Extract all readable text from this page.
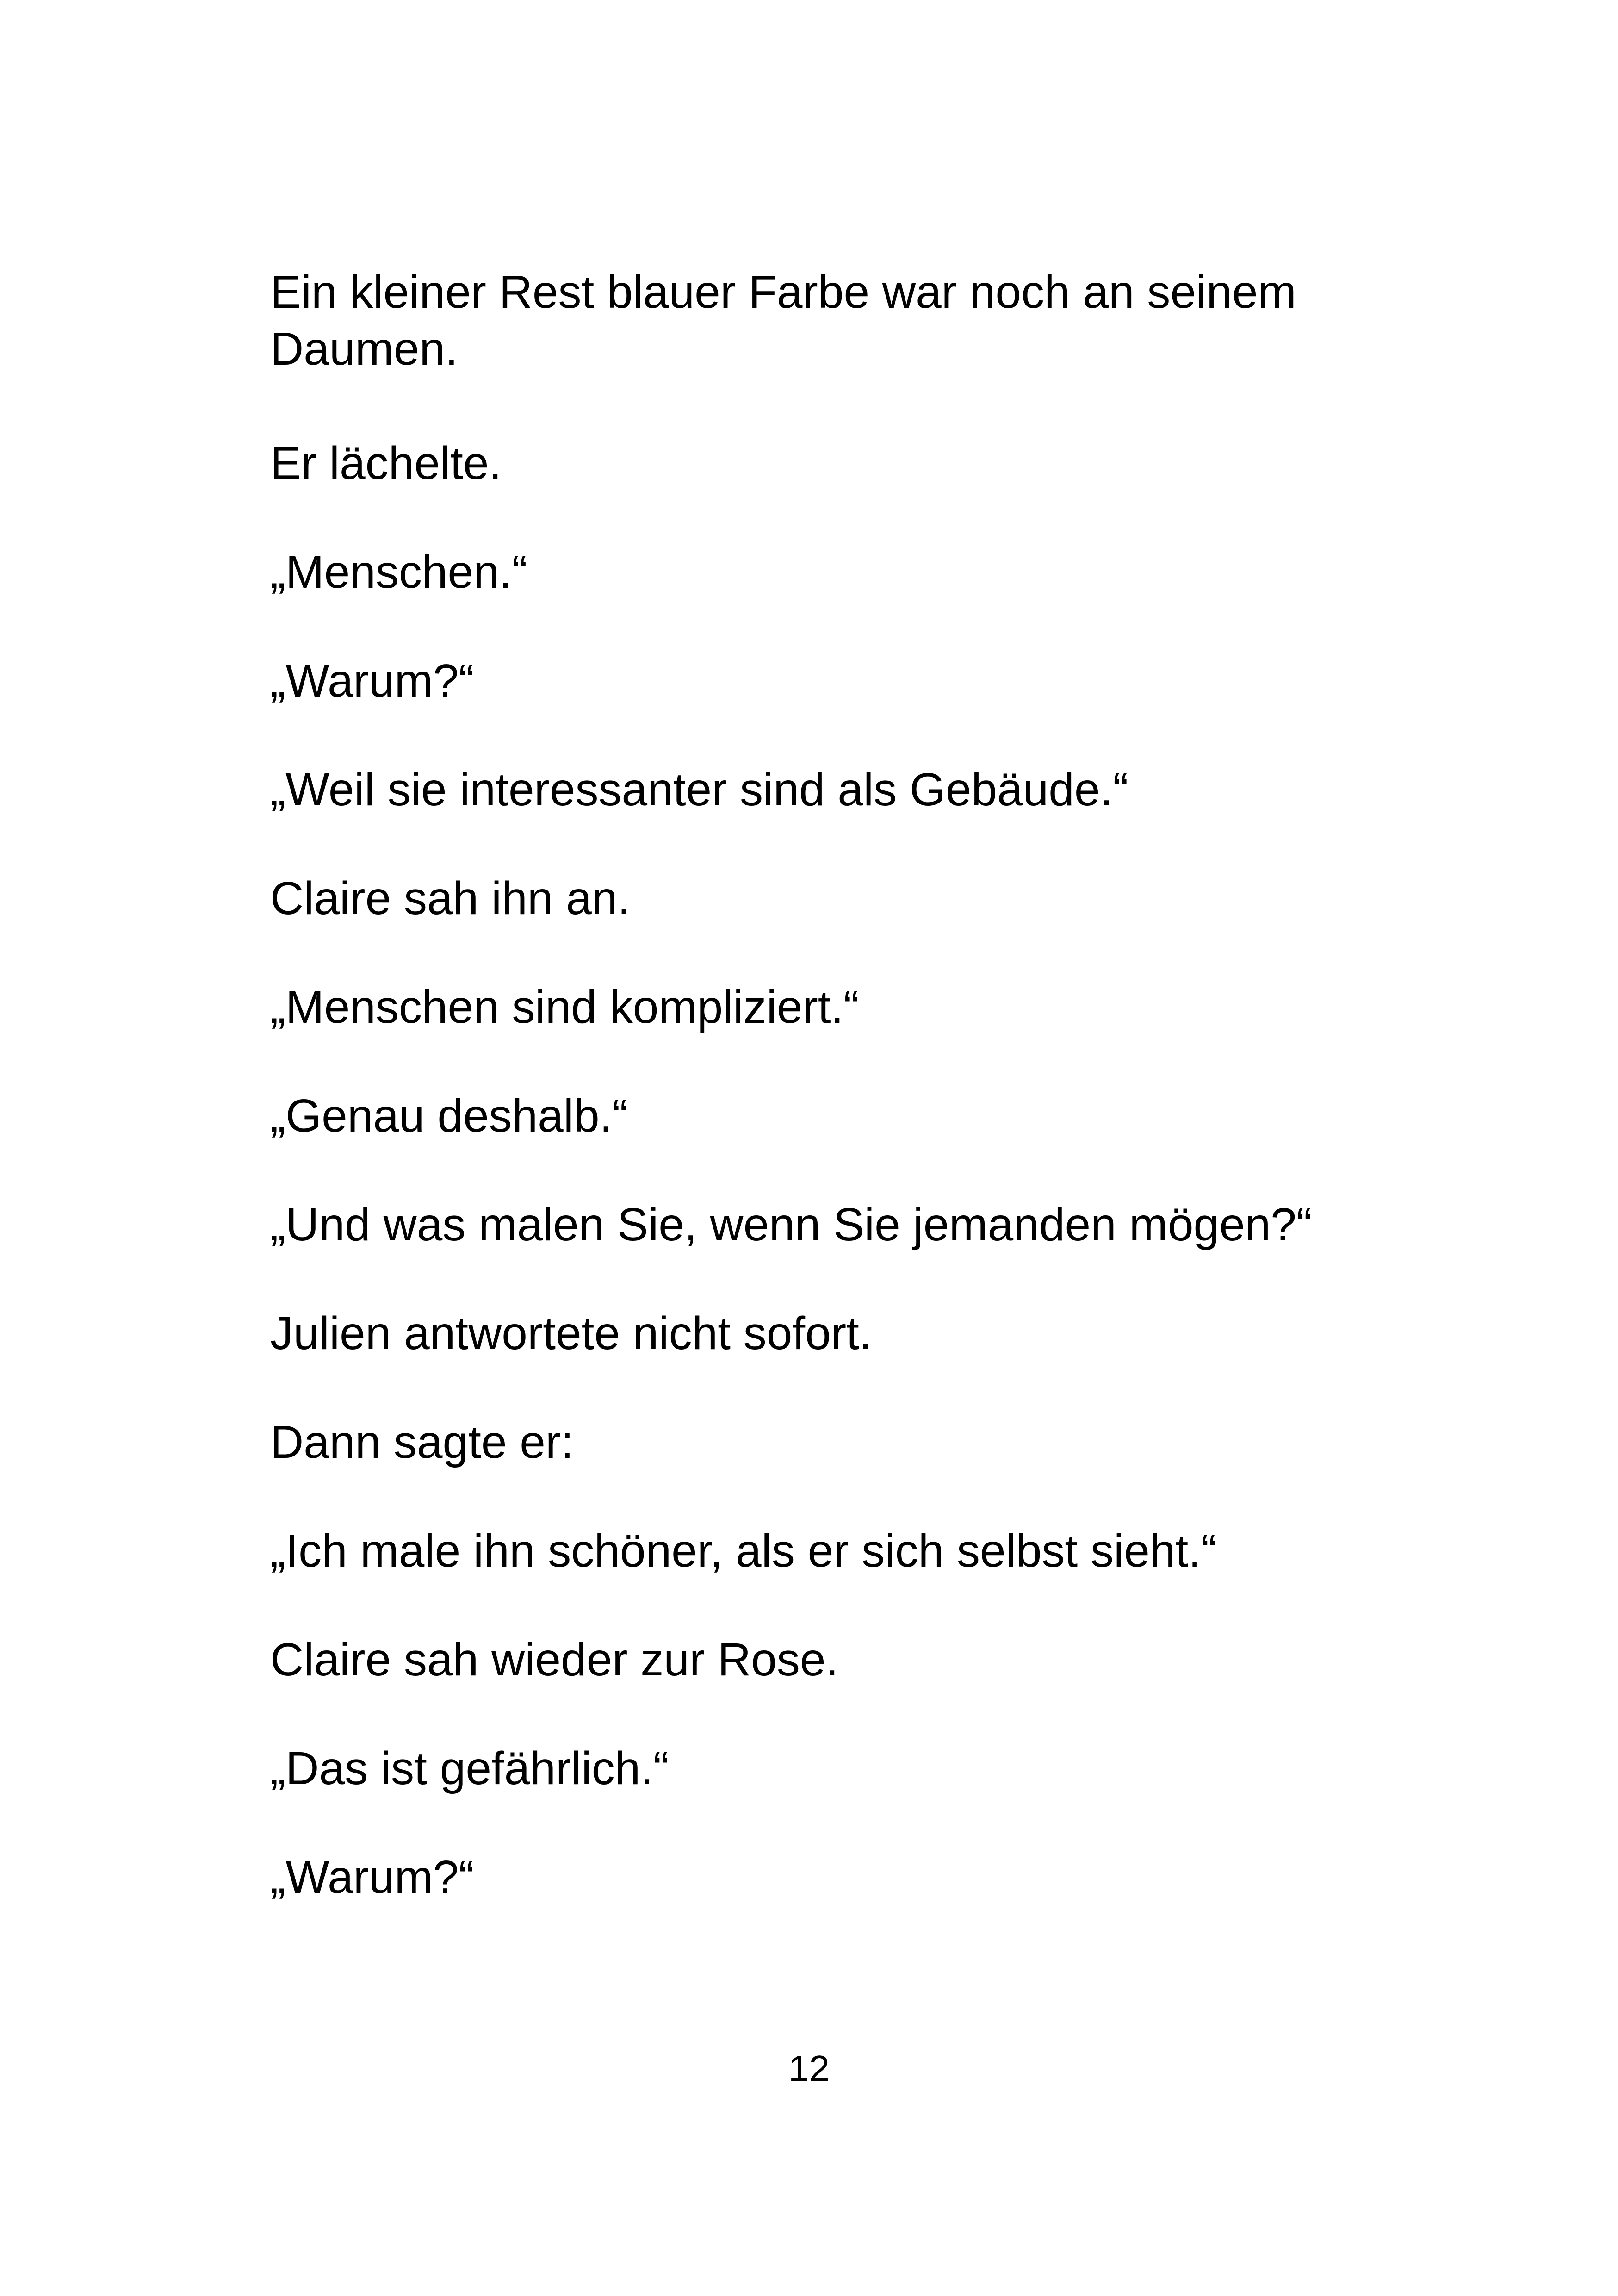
Ein kleiner Rest blauer Farbe war noch an seinem
Daumen.

Er lächelte.

„Menschen.“

„Warum?“

„Weil sie interessanter sind als Gebäude.“

Claire sah ihn an.

„Menschen sind kompliziert.“

„Genau deshalb.“

„Und was malen Sie, wenn Sie jemanden mögen?“

Julien antwortete nicht sofort.

Dann sagte er:

„Ich male ihn schöner, als er sich selbst sieht.“

Claire sah wieder zur Rose.

„Das ist gefährlich.“

„Warum?“

12
